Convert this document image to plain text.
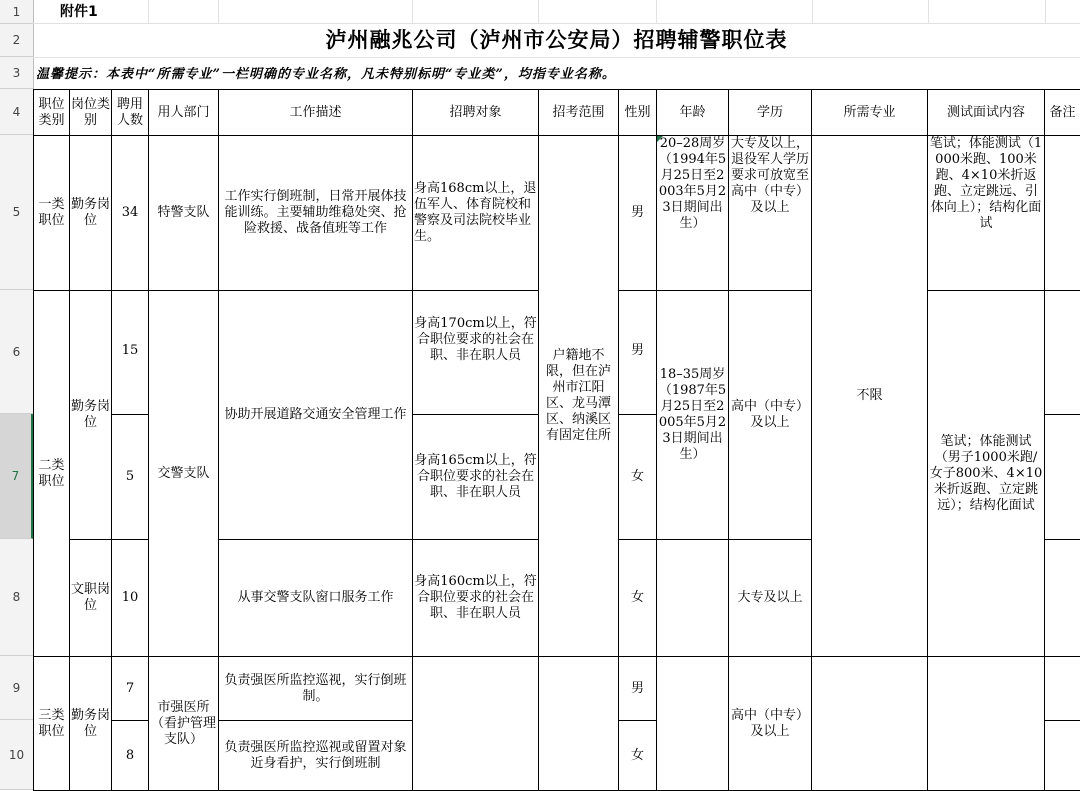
1
2
3
4
5
6
7
8
9
10
附件1
泸州融兆公司（泸州市公安局）招聘辅警职位表
温馨提示：本表中“所需专业”一栏明确的专业名称，凡未特别标明“专业类”，均指专业名称。
职位类别	岗位类别	聘用人数	用人部门	工作描述	招聘对象	招考范围	性别	年龄	学历	所需专业	测试面试内容	备注
一类职位	勤务岗位	34	特警支队	工作实行倒班制，日常开展体技能训练。主要辅助维稳处突、抢险救援、战备值班等工作	身高168cm以上，退伍军人、体育院校和警察及司法院校毕业生。	户籍地不限，但在泸州市江阳区、龙马潭区、纳溪区有固定住所	男	20–28周岁（1994年5月25日至2003年5月23日期间出生）	大专及以上，退役军人学历要求可放宽至高中（中专）及以上	不限	笔试；体能测试（1000米跑、100米跑、4×10米折返跑、立定跳远、引体向上）；结构化面试	
二类职位	勤务岗位	15	交警支队	协助开展道路交通安全管理工作	身高170cm以上，符合职位要求的社会在职、非在职人员		男	18–35周岁（1987年5月25日至2005年5月23日期间出生）	高中（中专）及以上		笔试；体能测试（男子1000米跑/女子800米、4×10米折返跑、立定跳远）；结构化面试	
		5			身高165cm以上，符合职位要求的社会在职、非在职人员		女					
	文职岗位	10		从事交警支队窗口服务工作	身高160cm以上，符合职位要求的社会在职、非在职人员		女		大专及以上			
三类职位	勤务岗位	7	市强医所（看护管理支队）	负责强医所监控巡视，实行倒班制。			男		高中（中专）及以上			
		8		负责强医所监控巡视或留置对象近身看护，实行倒班制			女					
